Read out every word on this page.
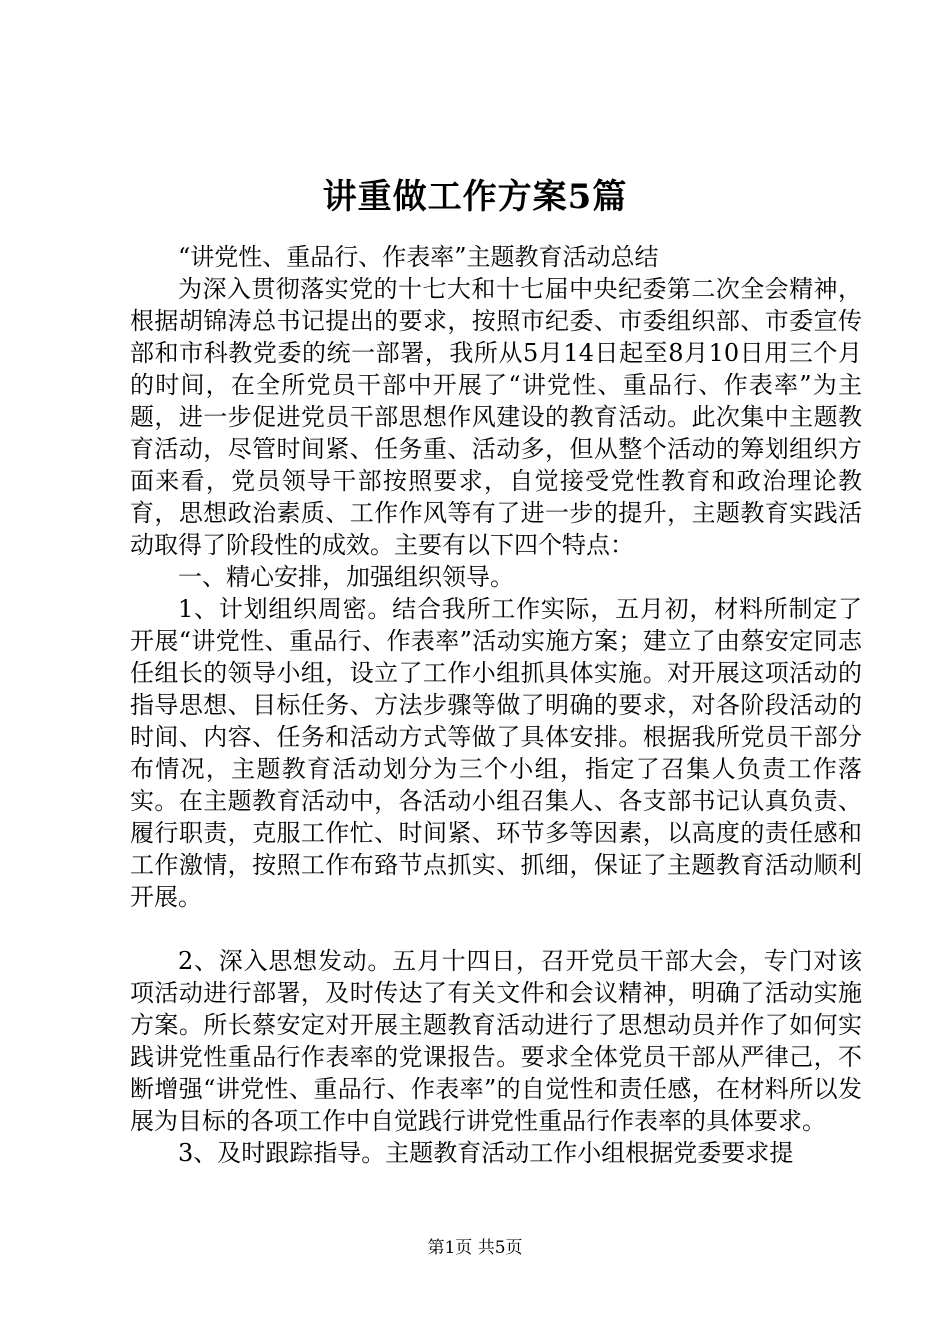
讲重做工作方案5篇

“讲党性、重品行、作表率”主题教育活动总结

为深入贯彻落实党的十七大和十七届中央纪委第二次全会精神，根据胡锦涛总书记提出的要求，按照市纪委、市委组织部、市委宣传部和市科教党委的统一部署，我所从5月14日起至8月10日用三个月的时间，在全所党员干部中开展了“讲党性、重品行、作表率”为主题，进一步促进党员干部思想作风建设的教育活动。此次集中主题教育活动，尽管时间紧、任务重、活动多，但从整个活动的筹划组织方面来看，党员领导干部按照要求，自觉接受党性教育和政治理论教育，思想政治素质、工作作风等有了进一步的提升，主题教育实践活动取得了阶段性的成效。主要有以下四个特点：

一、精心安排，加强组织领导。

1、计划组织周密。结合我所工作实际，五月初，材料所制定了开展“讲党性、重品行、作表率”活动实施方案；建立了由蔡安定同志任组长的领导小组，设立了工作小组抓具体实施。对开展这项活动的指导思想、目标任务、方法步骤等做了明确的要求，对各阶段活动的时间、内容、任务和活动方式等做了具体安排。根据我所党员干部分布情况，主题教育活动划分为三个小组，指定了召集人负责工作落实。在主题教育活动中，各活动小组召集人、各支部书记认真负责、履行职责，克服工作忙、时间紧、环节多等因素，以高度的责任感和工作激情，按照工作布臵节点抓实、抓细，保证了主题教育活动顺利开展。

2、深入思想发动。五月十四日，召开党员干部大会，专门对该项活动进行部署，及时传达了有关文件和会议精神，明确了活动实施方案。所长蔡安定对开展主题教育活动进行了思想动员并作了如何实践讲党性重品行作表率的党课报告。要求全体党员干部从严律己，不断增强“讲党性、重品行、作表率”的自觉性和责任感，在材料所以发展为目标的各项工作中自觉践行讲党性重品行作表率的具体要求。

3、及时跟踪指导。主题教育活动工作小组根据党委要求提

第1页 共5页
